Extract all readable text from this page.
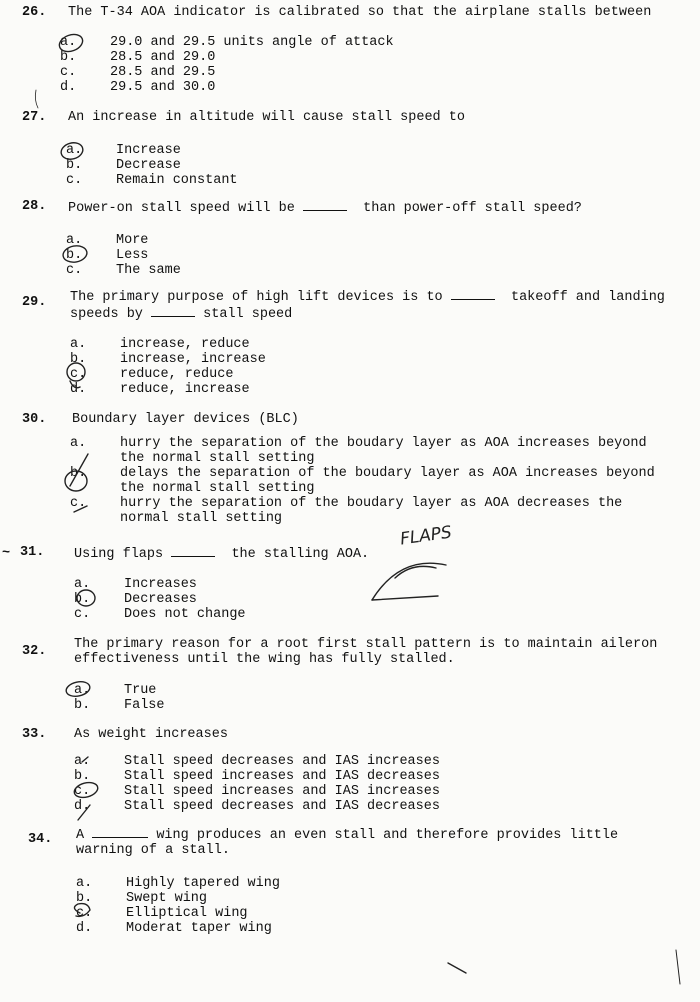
26. The T-34 AOA indicator is calibrated so that the airplane stalls between
a.	29.0 and 29.5 units angle of attack
b.	28.5 and 29.0
c.	28.5 and 29.5
d.	29.5 and 30.0
27. An increase in altitude will cause stall speed to
a.	Increase
b.	Decrease
c.	Remain constant
28. Power-on stall speed will be	than power-off stall speed?
a.	More
b.	Less
c.	The same
29. The primary purpose of high lift devices is to	takeoff and landing
speeds by	stall speed
a.	increase, reduce
b.	increase, increase
c.	reduce, reduce
d.	reduce, increase
30. Boundary layer devices (BLC)
a.	hurry the separation of the boudary layer as AOA increases beyond
the normal stall setting
b.	delays the separation of the boudary layer as AOA increases beyond
the normal stall setting
c.	hurry the separation of the boudary layer as AOA decreases the
normal stall setting
~ 31. Using flaps	the stalling AOA.
a.	Increases
b.	Decreases
c.	Does not change
32. The primary reason for a root first stall pattern is to maintain aileron
effectiveness until the wing has fully stalled.
a.	True
b.	False
33. As weight increases
a.	Stall speed decreases and IAS increases
b.	Stall speed increases and IAS decreases
c.	Stall speed increases and IAS increases
d.	Stall speed decreases and IAS decreases
34. A	wing produces an even stall and therefore provides little
warning of a stall.
a.	Highly tapered wing
b.	Swept wing
c.	Elliptical wing
d.	Moderat taper wing
FLAPS
